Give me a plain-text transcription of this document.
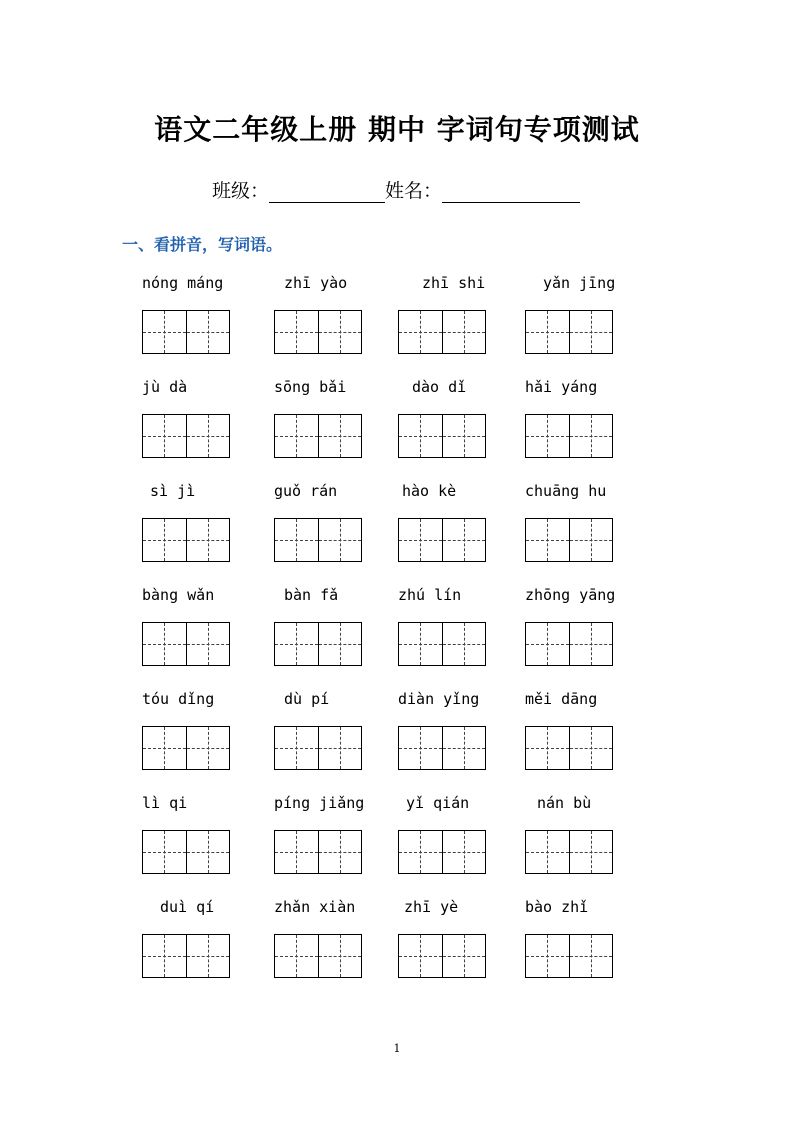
语文二年级上册 期中 字词句专项测试
班级：	姓名：
一、看拼音，写词语。
nóng máng	zhī yào	zhī shi	yǎn jīng
jù dà	sōng bǎi	dào dǐ	hǎi yáng
sì jì	guǒ rán	hào kè	chuāng hu
bàng wǎn	bàn fǎ	zhú lín	zhōng yāng
tóu dǐng	dù pí	diàn yǐng	měi dāng
lì qi	píng jiǎng	yǐ qián	nán bù
duì qí	zhǎn xiàn	zhī yè	bào zhǐ
1
